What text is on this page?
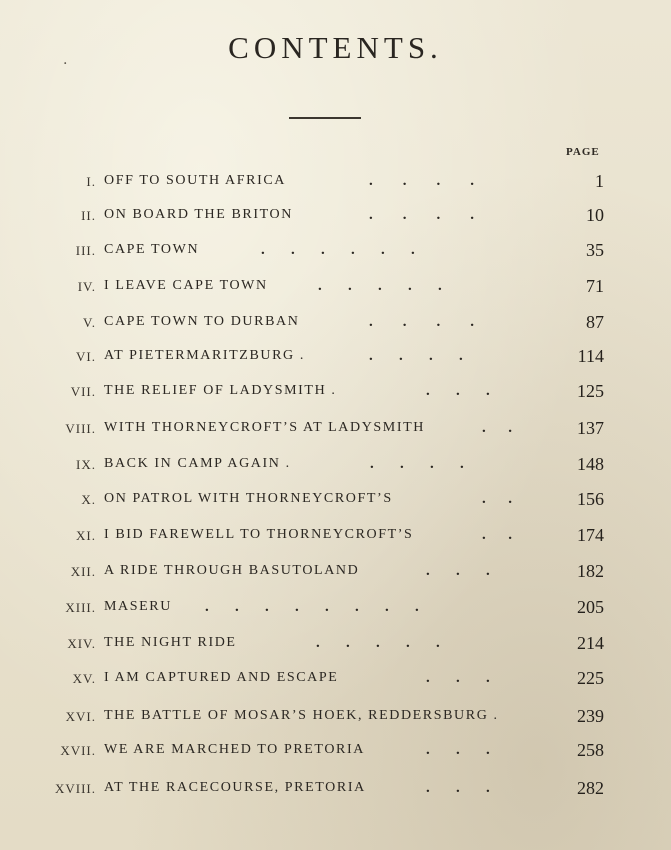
.	CONTENTS.
PAGE
I. OFF TO SOUTH AFRICA	.        .        .        .	1
II. ON BOARD THE BRITON	.        .        .        .	10
III. CAPE TOWN	.       .       .       .       .       .	35
IV. I LEAVE CAPE TOWN	.       .       .       .       .	71
V. CAPE TOWN TO DURBAN	.        .        .        .	87
VI. AT PIETERMARITZBURG .	.       .       .       .	114
VII. THE RELIEF OF LADYSMITH .	.       .       .	125
VIII. WITH THORNEYCROFT’S AT LADYSMITH	.      .	137
IX. BACK IN CAMP AGAIN .	.       .       .       .	148
X. ON PATROL WITH THORNEYCROFT’S	.      .	156
XI. I BID FAREWELL TO THORNEYCROFT’S	.      .	174
XII. A RIDE THROUGH BASUTOLAND	.       .       .	182
XIII. MASERU .       .       .       .       .       .       .       .	205
XIV. THE NIGHT RIDE	.       .       .       .       .	214
XV. I AM CAPTURED AND ESCAPE	.       .       .	225
XVI. THE BATTLE OF MOSAR’S HOEK, REDDERSBURG .	239
XVII. WE ARE MARCHED TO PRETORIA	.       .       .	258
XVIII. AT THE RACECOURSE, PRETORIA	.       .       .	282
